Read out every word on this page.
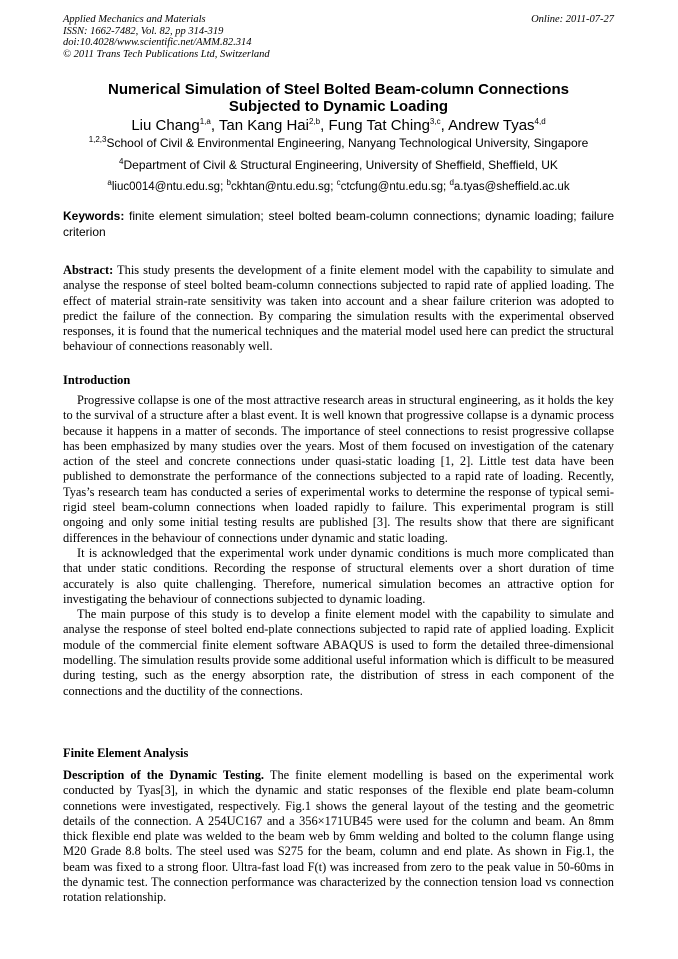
Applied Mechanics and Materials
ISSN: 1662-7482, Vol. 82, pp 314-319
doi:10.4028/www.scientific.net/AMM.82.314
© 2011 Trans Tech Publications Ltd, Switzerland
Online: 2011-07-27
Numerical Simulation of Steel Bolted Beam-column Connections
Subjected to Dynamic Loading
Liu Chang$^{1,a}$, Tan Kang Hai$^{2,b}$, Fung Tat Ching$^{3,c}$, Andrew Tyas$^{4,d}$
$^{1,2,3}$School of Civil & Environmental Engineering, Nanyang Technological University, Singapore
$^4$Department of Civil & Structural Engineering, University of Sheffield, Sheffield, UK
$^a$liuc0014@ntu.edu.sg; $^b$ckhtan@ntu.edu.sg; $^c$ctcfung@ntu.edu.sg; $^d$a.tyas@sheffield.ac.uk
Keywords: finite element simulation; steel bolted beam-column connections; dynamic loading; failure criterion
Abstract: This study presents the development of a finite element model with the capability to simulate and analyse the response of steel bolted beam-column connections subjected to rapid rate of applied loading. The effect of material strain-rate sensitivity was taken into account and a shear failure criterion was adopted to predict the failure of the connection. By comparing the simulation results with the experimental observed responses, it is found that the numerical techniques and the material model used here can predict the structural behaviour of connections reasonably well.
Introduction

Progressive collapse is one of the most attractive research areas in structural engineering, as it holds the key to the survival of a structure after a blast event. It is well known that progressive collapse is a dynamic process because it happens in a matter of seconds. The importance of steel connections to resist progressive collapse has been emphasized by many studies over the years. Most of them focused on investigation of the catenary action of the steel and concrete connections under quasi-static loading [1, 2]. Little test data have been published to demonstrate the performance of the connections subjected to a rapid rate of loading. Recently, Tyas’s research team has conducted a series of experimental works to determine the response of typical semi-rigid steel beam-column connections when loaded rapidly to failure. This experimental program is still ongoing and only some initial testing results are published [3]. The results show that there are significant differences in the behaviour of connections under dynamic and static loading.

It is acknowledged that the experimental work under dynamic conditions is much more complicated than that under static conditions. Recording the response of structural elements over a short duration of time accurately is also quite challenging. Therefore, numerical simulation becomes an attractive option for investigating the behaviour of connections subjected to dynamic loading.

The main purpose of this study is to develop a finite element model with the capability to simulate and analyse the response of steel bolted end-plate connections subjected to rapid rate of applied loading. Explicit module of the commercial finite element software ABAQUS is used to form the detailed three-dimensional modelling. The simulation results provide some additional useful information which is difficult to be measured during testing, such as the energy absorption rate, the distribution of stress in each component of the connections and the ductility of the connections.

Finite Element Analysis
Description of the Dynamic Testing. The finite element modelling is based on the experimental work conducted by Tyas[3], in which the dynamic and static responses of the flexible end plate beam-column connetions were investigated, respectively. Fig.1 shows the general layout of the testing and the geometric details of the connection. A 254UC167 and a 356×171UB45 were used for the column and beam. An 8mm thick flexible end plate was welded to the beam web by 6mm welding and bolted to the column flange using M20 Grade 8.8 bolts. The steel used was S275 for the beam, column and end plate. As shown in Fig.1, the beam was fixed to a strong floor. Ultra-fast load F(t) was increased from zero to the peak value in 50-60ms in the dynamic test. The connection performance was characterized by the connection tension load vs connection rotation relationship.
